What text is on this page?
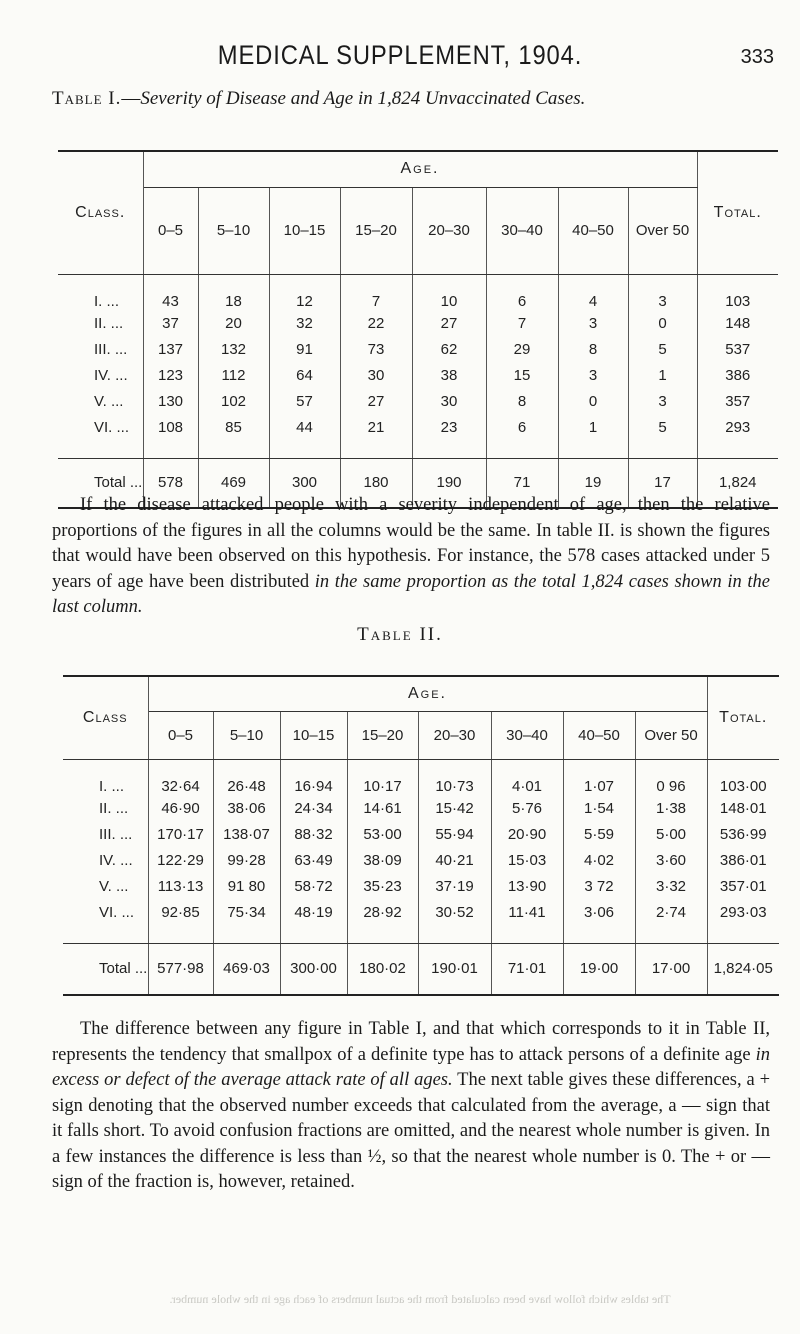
MEDICAL SUPPLEMENT, 1904.	333
Table I.—Severity of Disease and Age in 1,824 Unvaccinated Cases.
Class.	Age.								Total.
	0–5	5–10	10–15	15–20	20–30	30–40	40–50	Over 50	
I. ...	43	18	12	7	10	6	4	3	103
II. ...	37	20	32	22	27	7	3	0	148
III. ...	137	132	91	73	62	29	8	5	537
IV. ...	123	112	64	30	38	15	3	1	386
V. ...	130	102	57	27	30	8	0	3	357
VI. ...	108	85	44	21	23	6	1	5	293

Total ...	578	469	300	180	190	71	19	17	1,824

If the disease attacked people with a severity independent of age, then the relative proportions of the figures in all the columns would be the same. In table II. is shown the figures that would have been observed on this hypothesis. For instance, the 578 cases attacked under 5 years of age have been distributed in the same proportion as the total 1,824 cases shown in the last column.

Table II.
Class	Age.								Total.
	0–5	5–10	10–15	15–20	20–30	30–40	40–50	Over 50	
I. ...	32·64	26·48	16·94	10·17	10·73	4·01	1·07	0 96	103·00
II. ...	46·90	38·06	24·34	14·61	15·42	5·76	1·54	1·38	148·01
III. ...	170·17	138·07	88·32	53·00	55·94	20·90	5·59	5·00	536·99
IV. ...	122·29	99·28	63·49	38·09	40·21	15·03	4·02	3·60	386·01
V. ...	113·13	91 80	58·72	35·23	37·19	13·90	3 72	3·32	357·01
VI. ...	92·85	75·34	48·19	28·92	30·52	11·41	3·06	2·74	293·03

Total ...	577·98	469·03	300·00	180·02	190·01	71·01	19·00	17·00	1,824·05

The difference between any figure in Table I, and that which corresponds to it in Table II, represents the tendency that smallpox of a definite type has to attack persons of a definite age in excess or defect of the average attack rate of all ages. The next table gives these differences, a + sign denoting that the observed number exceeds that calculated from the average, a — sign that it falls short. To avoid confusion fractions are omitted, and the nearest whole number is given. In a few instances the difference is less than ½, so that the nearest whole number is 0. The + or — sign of the fraction is, however, retained.

The tables which follow have been calculated from the actual numbers of each age in the whole number.
